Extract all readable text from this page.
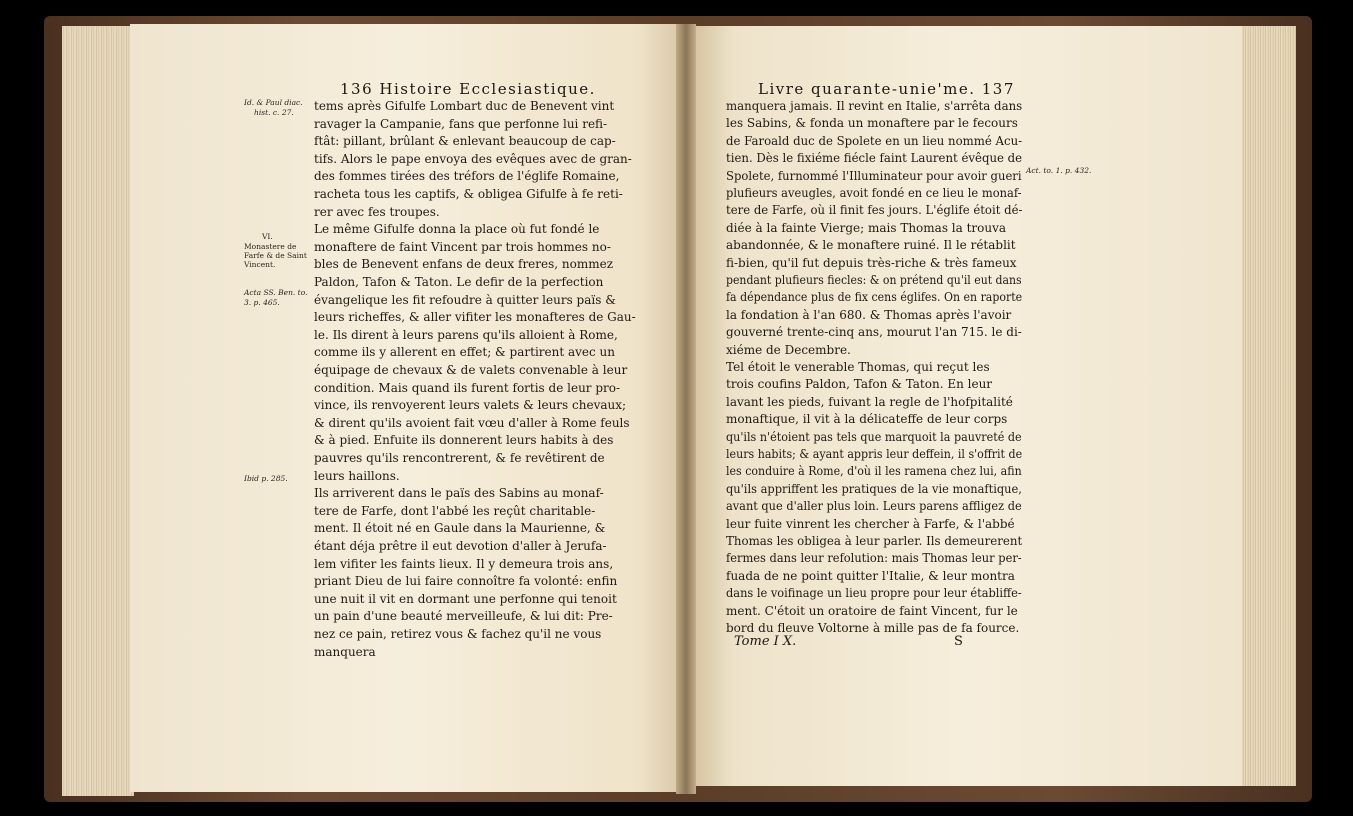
136 Histoire Ecclesiastique.	Livre quarante-unie'me. 137
Id. & Paul diac.
hist. c. 27.
VI.
Monastere de
Farfe & de Saint
Vincent.
Acta SS. Ben. to.
3. p. 465.
Ibid p. 285.
tems après Gifulfe Lombart duc de Benevent vint
ravager la Campanie, fans que perfonne lui refi-
ftât: pillant, brûlant & enlevant beaucoup de cap-
tifs. Alors le pape envoya des evêques avec de gran-
des fommes tirées des tréfors de l'églife Romaine,
racheta tous les captifs, & obligea Gifulfe à fe reti-
rer avec fes troupes.
Le même Gifulfe donna la place où fut fondé le
monaftere de faint Vincent par trois hommes no-
bles de Benevent enfans de deux freres, nommez
Paldon, Tafon & Taton. Le defir de la perfection
évangelique les fit refoudre à quitter leurs païs &
leurs richeffes, & aller vifiter les monafteres de Gau-
le. Ils dirent à leurs parens qu'ils alloient à Rome,
comme ils y allerent en effet; & partirent avec un
équipage de chevaux & de valets convenable à leur
condition. Mais quand ils furent fortis de leur pro-
vince, ils renvoyerent leurs valets & leurs chevaux;
& dirent qu'ils avoient fait vœu d'aller à Rome feuls
& à pied. Enfuite ils donnerent leurs habits à des
pauvres qu'ils rencontrerent, & fe revêtirent de
leurs haillons.
Ils arriverent dans le païs des Sabins au monaf-
tere de Farfe, dont l'abbé les reçût charitable-
ment. Il étoit né en Gaule dans la Maurienne, &
étant déja prêtre il eut devotion d'aller à Jerufa-
lem vifiter les faints lieux. Il y demeura trois ans,
priant Dieu de lui faire connoître fa volonté: enfin
une nuit il vit en dormant une perfonne qui tenoit
un pain d'une beauté merveilleufe, & lui dit: Pre-
nez ce pain, retirez vous & fachez qu'il ne vous
manquera
Act. to. 1. p. 432.
manquera jamais. Il revint en Italie, s'arrêta dans
les Sabins, & fonda un monaftere par le fecours
de Faroald duc de Spolete en un lieu nommé Acu-
tien. Dès le fixiéme fiécle faint Laurent évêque de
Spolete, furnommé l'Illuminateur pour avoir gueri
plufieurs aveugles, avoit fondé en ce lieu le monaf-
tere de Farfe, où il finit fes jours. L'églife étoit dé-
diée à la fainte Vierge; mais Thomas la trouva
abandonnée, & le monaftere ruiné. Il le rétablit
fi-bien, qu'il fut depuis très-riche & très fameux
pendant plufieurs fiecles: & on prétend qu'il eut dans
fa dépendance plus de fix cens églifes. On en raporte
la fondation à l'an 680. & Thomas après l'avoir
gouverné trente-cinq ans, mourut l'an 715. le di-
xiéme de Decembre.
Tel étoit le venerable Thomas, qui reçut les
trois coufins Paldon, Tafon & Taton. En leur
lavant les pieds, fuivant la regle de l'hofpitalité
monaftique, il vit à la délicateffe de leur corps
qu'ils n'étoient pas tels que marquoit la pauvreté de
leurs habits; & ayant appris leur deffein, il s'offrit de
les conduire à Rome, d'où il les ramena chez lui, afin
qu'ils appriffent les pratiques de la vie monaftique,
avant que d'aller plus loin. Leurs parens affligez de
leur fuite vinrent les chercher à Farfe, & l'abbé
Thomas les obligea à leur parler. Ils demeurerent
fermes dans leur refolution: mais Thomas leur per-
fuada de ne point quitter l'Italie, & leur montra
dans le voifinage un lieu propre pour leur établiffe-
ment. C'étoit un oratoire de faint Vincent, fur le
bord du fleuve Voltorne à mille pas de fa fource.
Tome I X.	S
